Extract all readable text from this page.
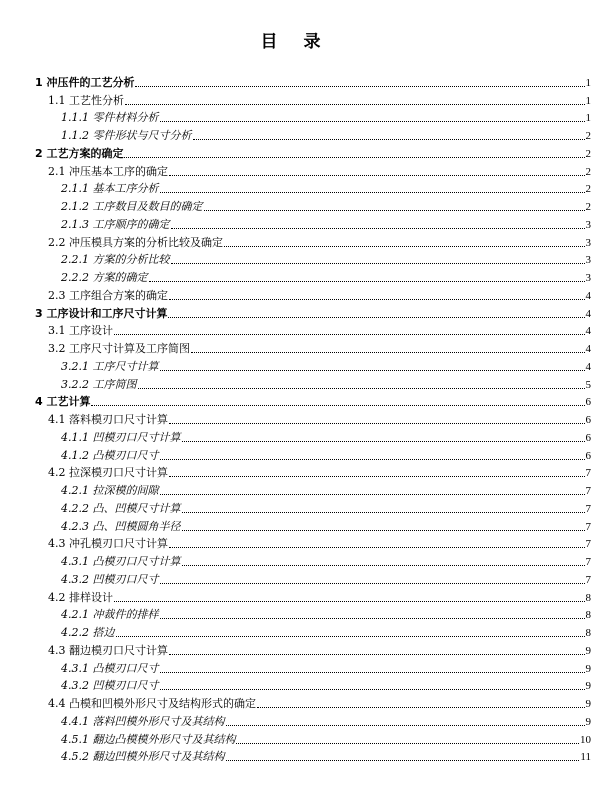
目 录
1 冲压件的工艺分析	1
1.1 工艺性分析	1
1.1.1 零件材料分析	1
1.1.2 零件形状与尺寸分析	2
2 工艺方案的确定	2
2.1 冲压基本工序的确定	2
2.1.1 基本工序分析	2
2.1.2 工序数目及数目的确定	2
2.1.3 工序顺序的确定	3
2.2 冲压模具方案的分析比较及确定	3
2.2.1 方案的分析比较	3
2.2.2 方案的确定	3
2.3 工序组合方案的确定	4
3 工序设计和工序尺寸计算	4
3.1 工序设计	4
3.2 工序尺寸计算及工序简图	4
3.2.1 工序尺寸计算	4
3.2.2 工序简图	5
4 工艺计算	6
4.1 落料模刃口尺寸计算	6
4.1.1 凹模刃口尺寸计算	6
4.1.2 凸模刃口尺寸	6
4.2 拉深模刃口尺寸计算	7
4.2.1 拉深模的间隙	7
4.2.2 凸、凹模尺寸计算	7
4.2.3 凸、凹模圆角半径	7
4.3 冲孔模刃口尺寸计算	7
4.3.1 凸模刃口尺寸计算	7
4.3.2 凹模刃口尺寸	7
4.2 排样设计	8
4.2.1 冲裁件的排样	8
4.2.2 搭边	8
4.3 翻边模刃口尺寸计算	9
4.3.1 凸模刃口尺寸	9
4.3.2 凹模刃口尺寸	9
4.4 凸模和凹模外形尺寸及结构形式的确定	9
4.4.1 落料凹模外形尺寸及其结构	9
4.5.1 翻边凸模模外形尺寸及其结构	10
4.5.2 翻边凹模外形尺寸及其结构	11
